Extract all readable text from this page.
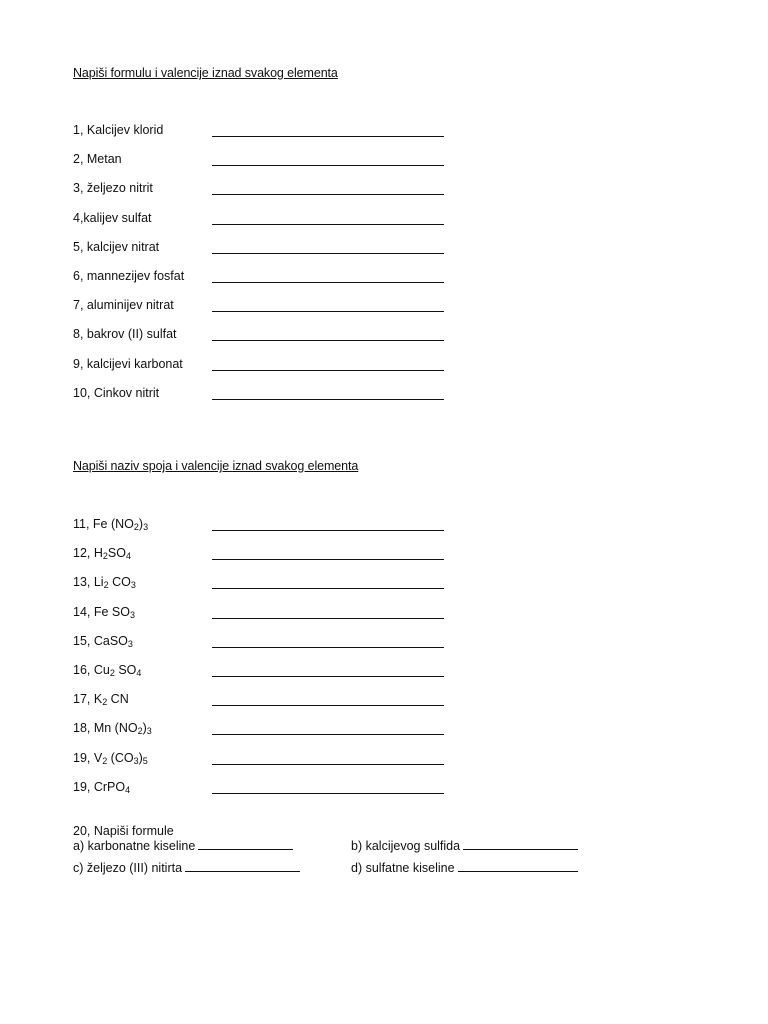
Napiši formulu i valencije iznad svakog elementa
1, Kalcijev klorid
2, Metan
3, željezo nitrit
4,kalijev sulfat
5, kalcijev nitrat
6, mannezijev fosfat
7, aluminijev nitrat
8, bakrov (II) sulfat
9, kalcijevi karbonat
10, Cinkov nitrit
Napiši naziv spoja i valencije iznad svakog elementa
11, Fe $(NO_2)_3$
12, $H_2SO_4$
13, $Li_2$ $CO_3$
14, Fe $SO_3$
15, CaSO$_3$
16, $Cu_2$ $SO_4$
17, $K_2$ CN
18, Mn $(NO_2)_3$
19, $V_2$ $(CO_3)_5$
19, CrPO$_4$
20, Napiši formule
a) karbonatne kiseline	b) kalcijevog sulfida
c) željezo (III) nitirta	d) sulfatne kiseline
